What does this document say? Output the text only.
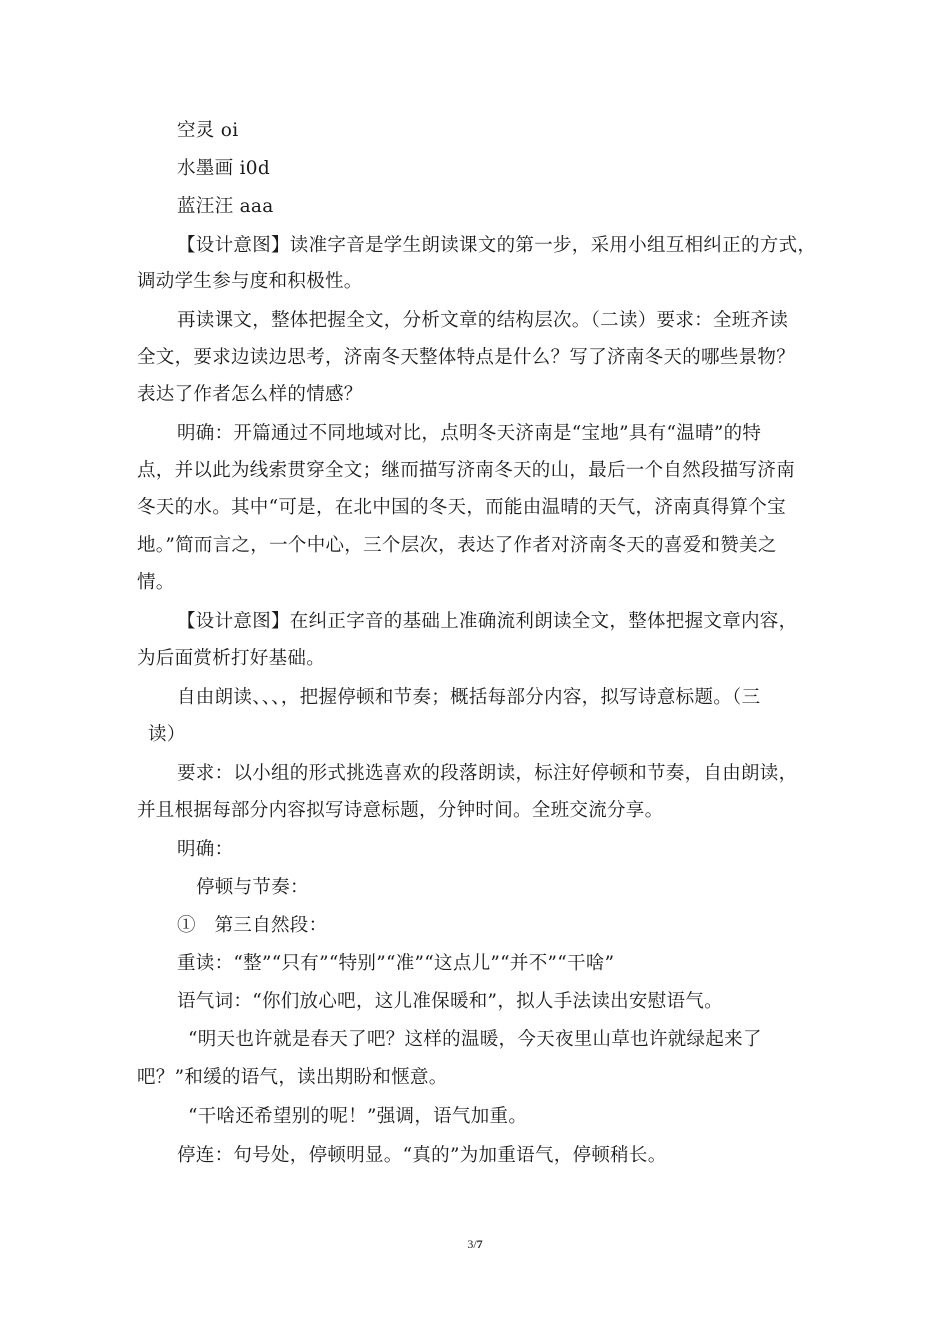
空灵 oi

水墨画 i0d

蓝汪汪 aaa

【设计意图】读准字音是学生朗读课文的第一步，采用小组互相纠正的方式，

调动学生参与度和积极性。

再读课文，整体把握全文，分析文章的结构层次。（二读）要求：全班齐读

全文，要求边读边思考，济南冬天整体特点是什么？写了济南冬天的哪些景物？

表达了作者怎么样的情感？

明确：开篇通过不同地域对比，点明冬天济南是“宝地”具有“温晴”的特

点，并以此为线索贯穿全文；继而描写济南冬天的山，最后一个自然段描写济南

冬天的水。其中“可是，在北中国的冬天，而能由温晴的天气，济南真得算个宝

地。”简而言之，一个中心，三个层次，表达了作者对济南冬天的喜爱和赞美之

情。

【设计意图】在纠正字音的基础上准确流利朗读全文，整体把握文章内容，

为后面赏析打好基础。

自由朗读、、、，把握停顿和节奏；概括每部分内容，拟写诗意标题。（三

读）

要求：以小组的形式挑选喜欢的段落朗读，标注好停顿和节奏，自由朗读，

并且根据每部分内容拟写诗意标题，分钟时间。全班交流分享。

明确：

停顿与节奏：

①　第三自然段：

重读：“整”“只有”“特别”“准”“这点儿”“并不”“干啥”

语气词：“你们放心吧，这儿准保暖和”，拟人手法读出安慰语气。

“明天也许就是春天了吧？这样的温暖，今天夜里山草也许就绿起来了

吧？”和缓的语气，读出期盼和惬意。

“干啥还希望别的呢！”强调，语气加重。

停连：句号处，停顿明显。“真的”为加重语气，停顿稍长。

3/7
